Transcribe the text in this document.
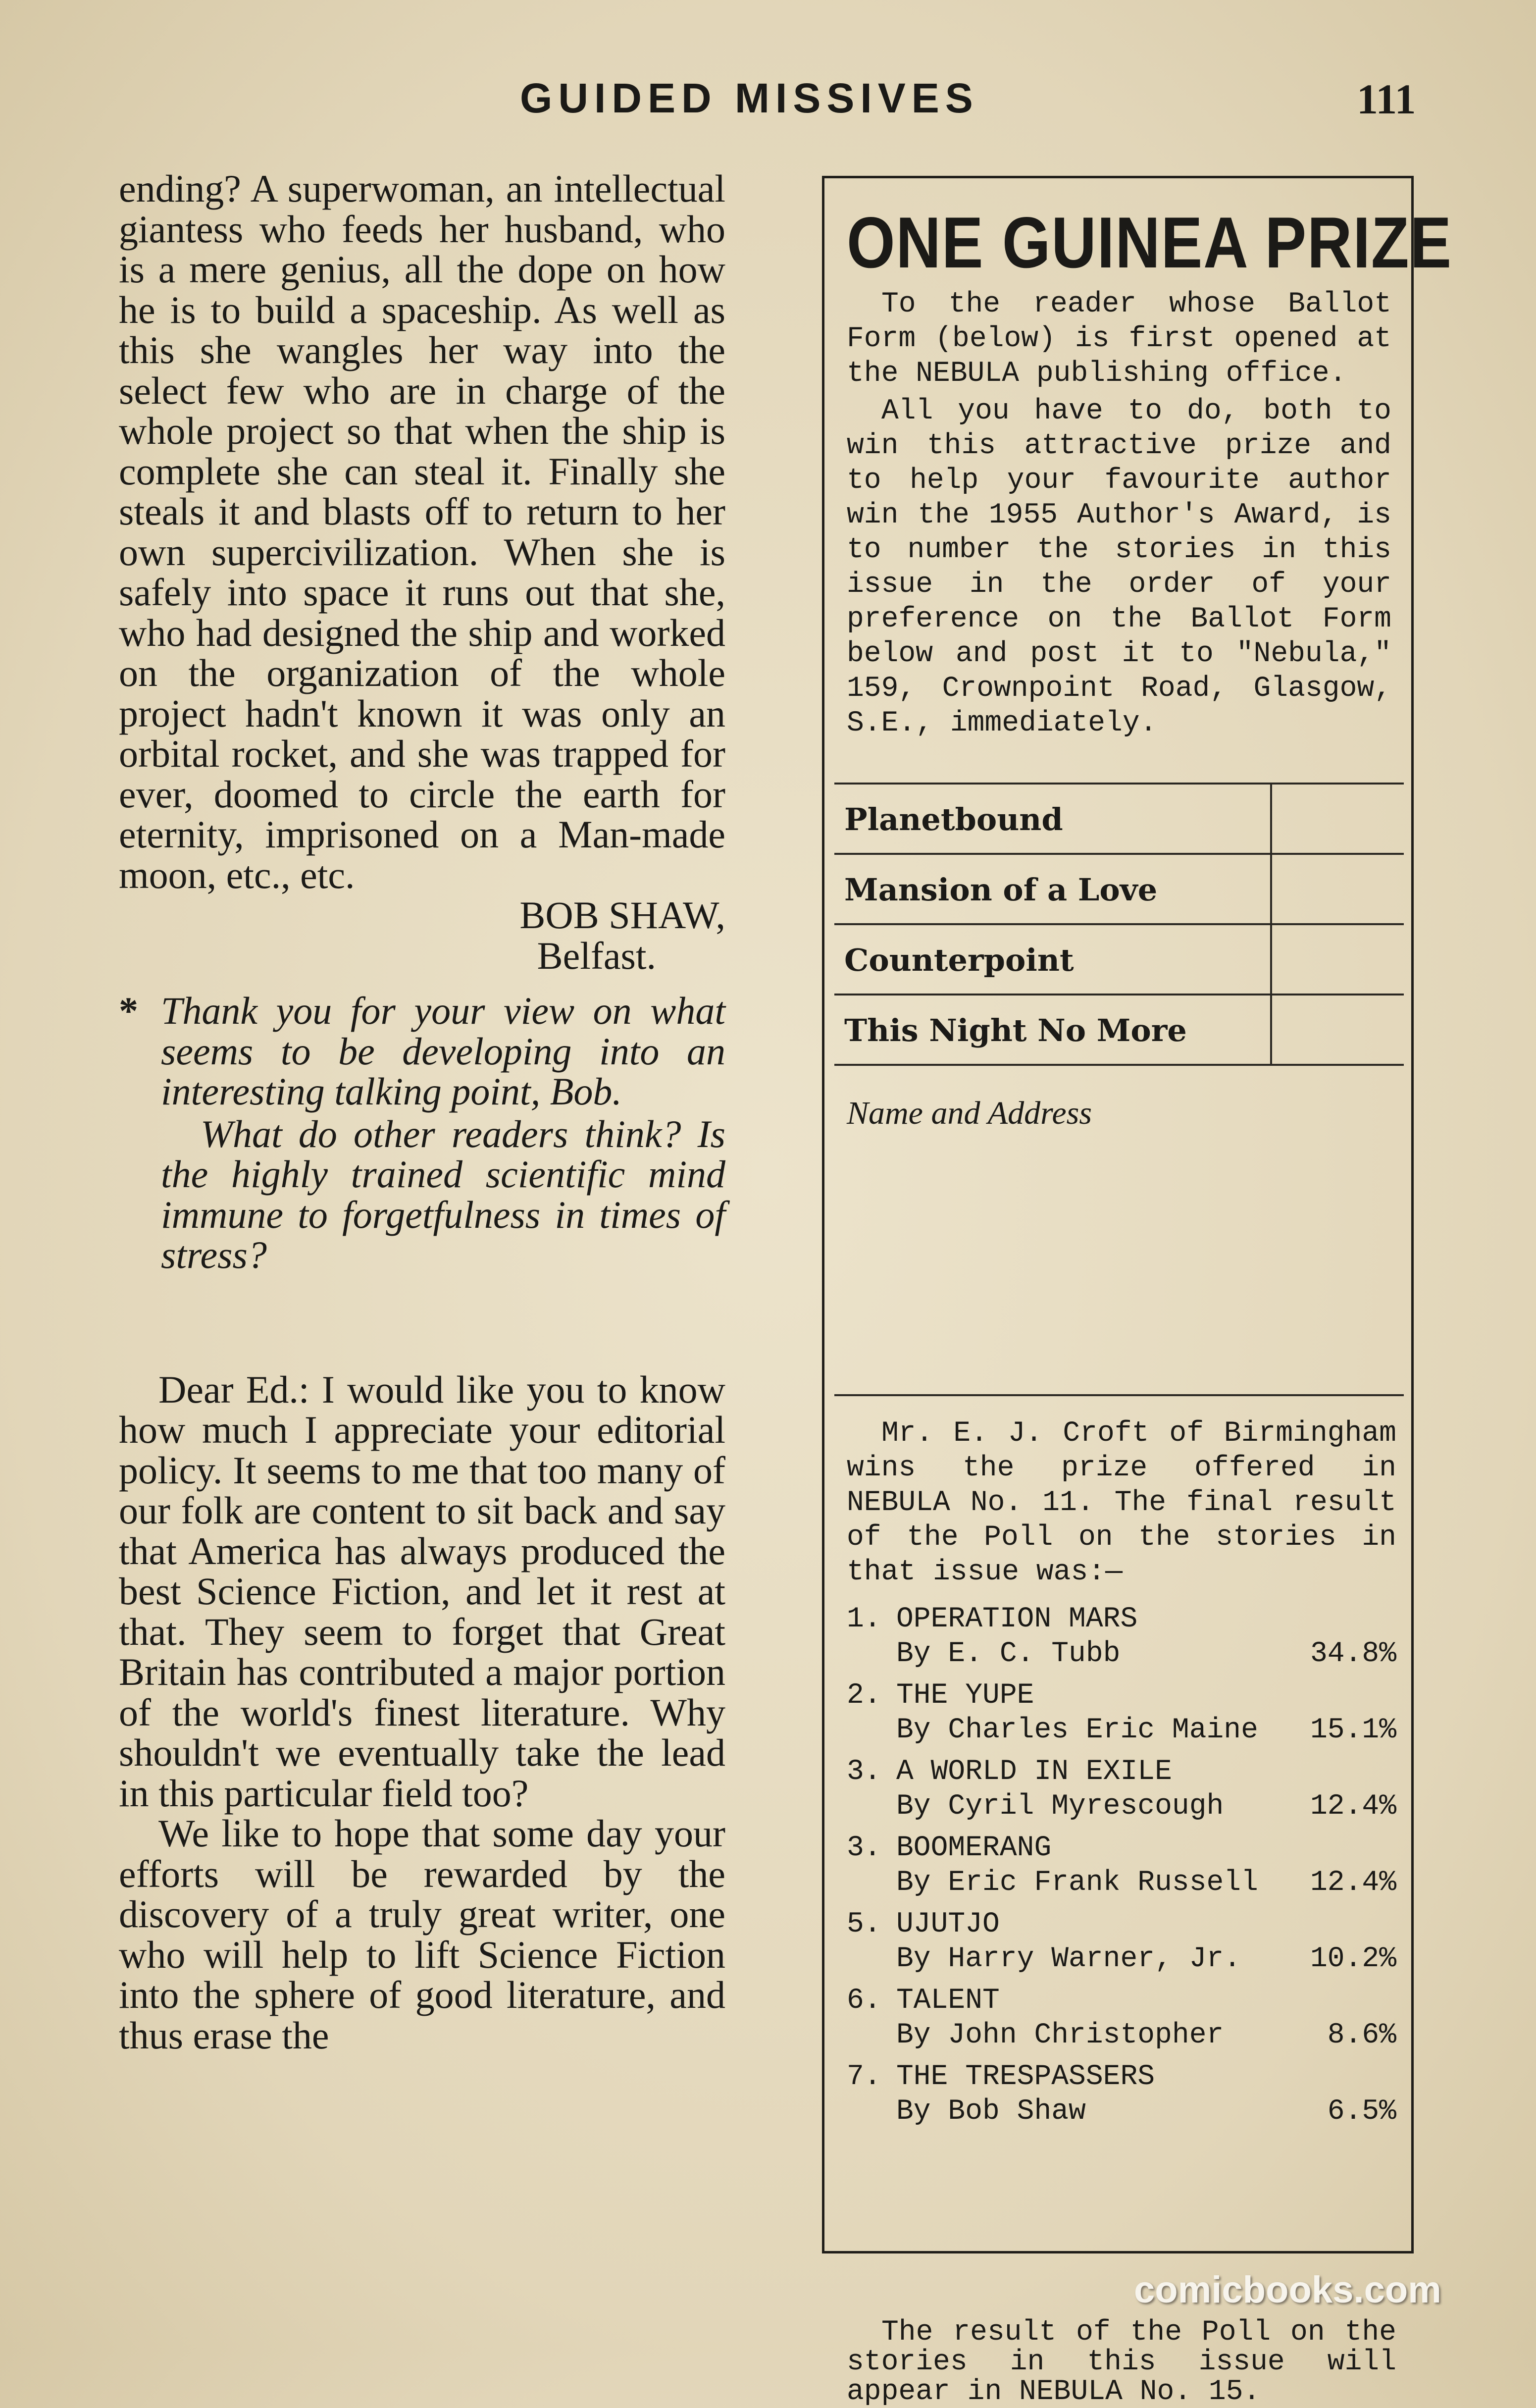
GUIDED MISSIVES	111

ending? A superwoman, an intellectual giantess who feeds her husband, who is a mere genius, all the dope on how he is to build a spaceship. As well as this she wangles her way into the select few who are in charge of the whole project so that when the ship is complete she can steal it. Finally she steals it and blasts off to return to her own supercivilization. When she is safely into space it runs out that she, who had designed the ship and worked on the organization of the whole project hadn't known it was only an orbital rocket, and she was trapped for ever, doomed to circle the earth for eternity, imprisoned on a Man-made moon, etc., etc.

BOB SHAW,
Belfast.
* Thank you for your view on what seems to be developing into an interesting talking point, Bob.

What do other readers think? Is the highly trained scientific mind immune to forgetfulness in times of stress?

Dear Ed.: I would like you to know how much I appreciate your editorial policy. It seems to me that too many of our folk are content to sit back and say that America has always produced the best Science Fiction, and let it rest at that. They seem to forget that Great Britain has contributed a major portion of the world's finest literature. Why shouldn't we eventually take the lead in this particular field too?

We like to hope that some day your efforts will be rewarded by the discovery of a truly great writer, one who will help to lift Science Fiction into the sphere of good literature, and thus erase the

ONE GUINEA PRIZE

To the reader whose Ballot Form (below) is first opened at the NEBULA publishing office.

All you have to do, both to win this attractive prize and to help your favourite author win the 1955 Author's Award, is to number the stories in this issue in the order of your preference on the Ballot Form below and post it to "Nebula," 159, Crownpoint Road, Glasgow, S.E., immediately.

Planetbound
Mansion of a Love
Counterpoint
This Night No More
Name and Address

Mr. E. J. Croft of Birmingham wins the prize offered in NEBULA No. 11. The final result of the Poll on the stories in that issue was:—

1. OPERATION MARS
By E. C. Tubb	34.8%
2. THE YUPE
By Charles Eric Maine 15.1%
3. A WORLD IN EXILE
By Cyril Myrescough	12.4%
3. BOOMERANG
By Eric Frank Russell 12.4%
5. UJUTJO
By Harry Warner, Jr. 10.2%
6. TALENT
By John Christopher	8.6%
7. THE TRESPASSERS
By Bob Shaw	6.5%

The result of the Poll on the stories in this issue will appear in NEBULA No. 15.

comicbooks.com
